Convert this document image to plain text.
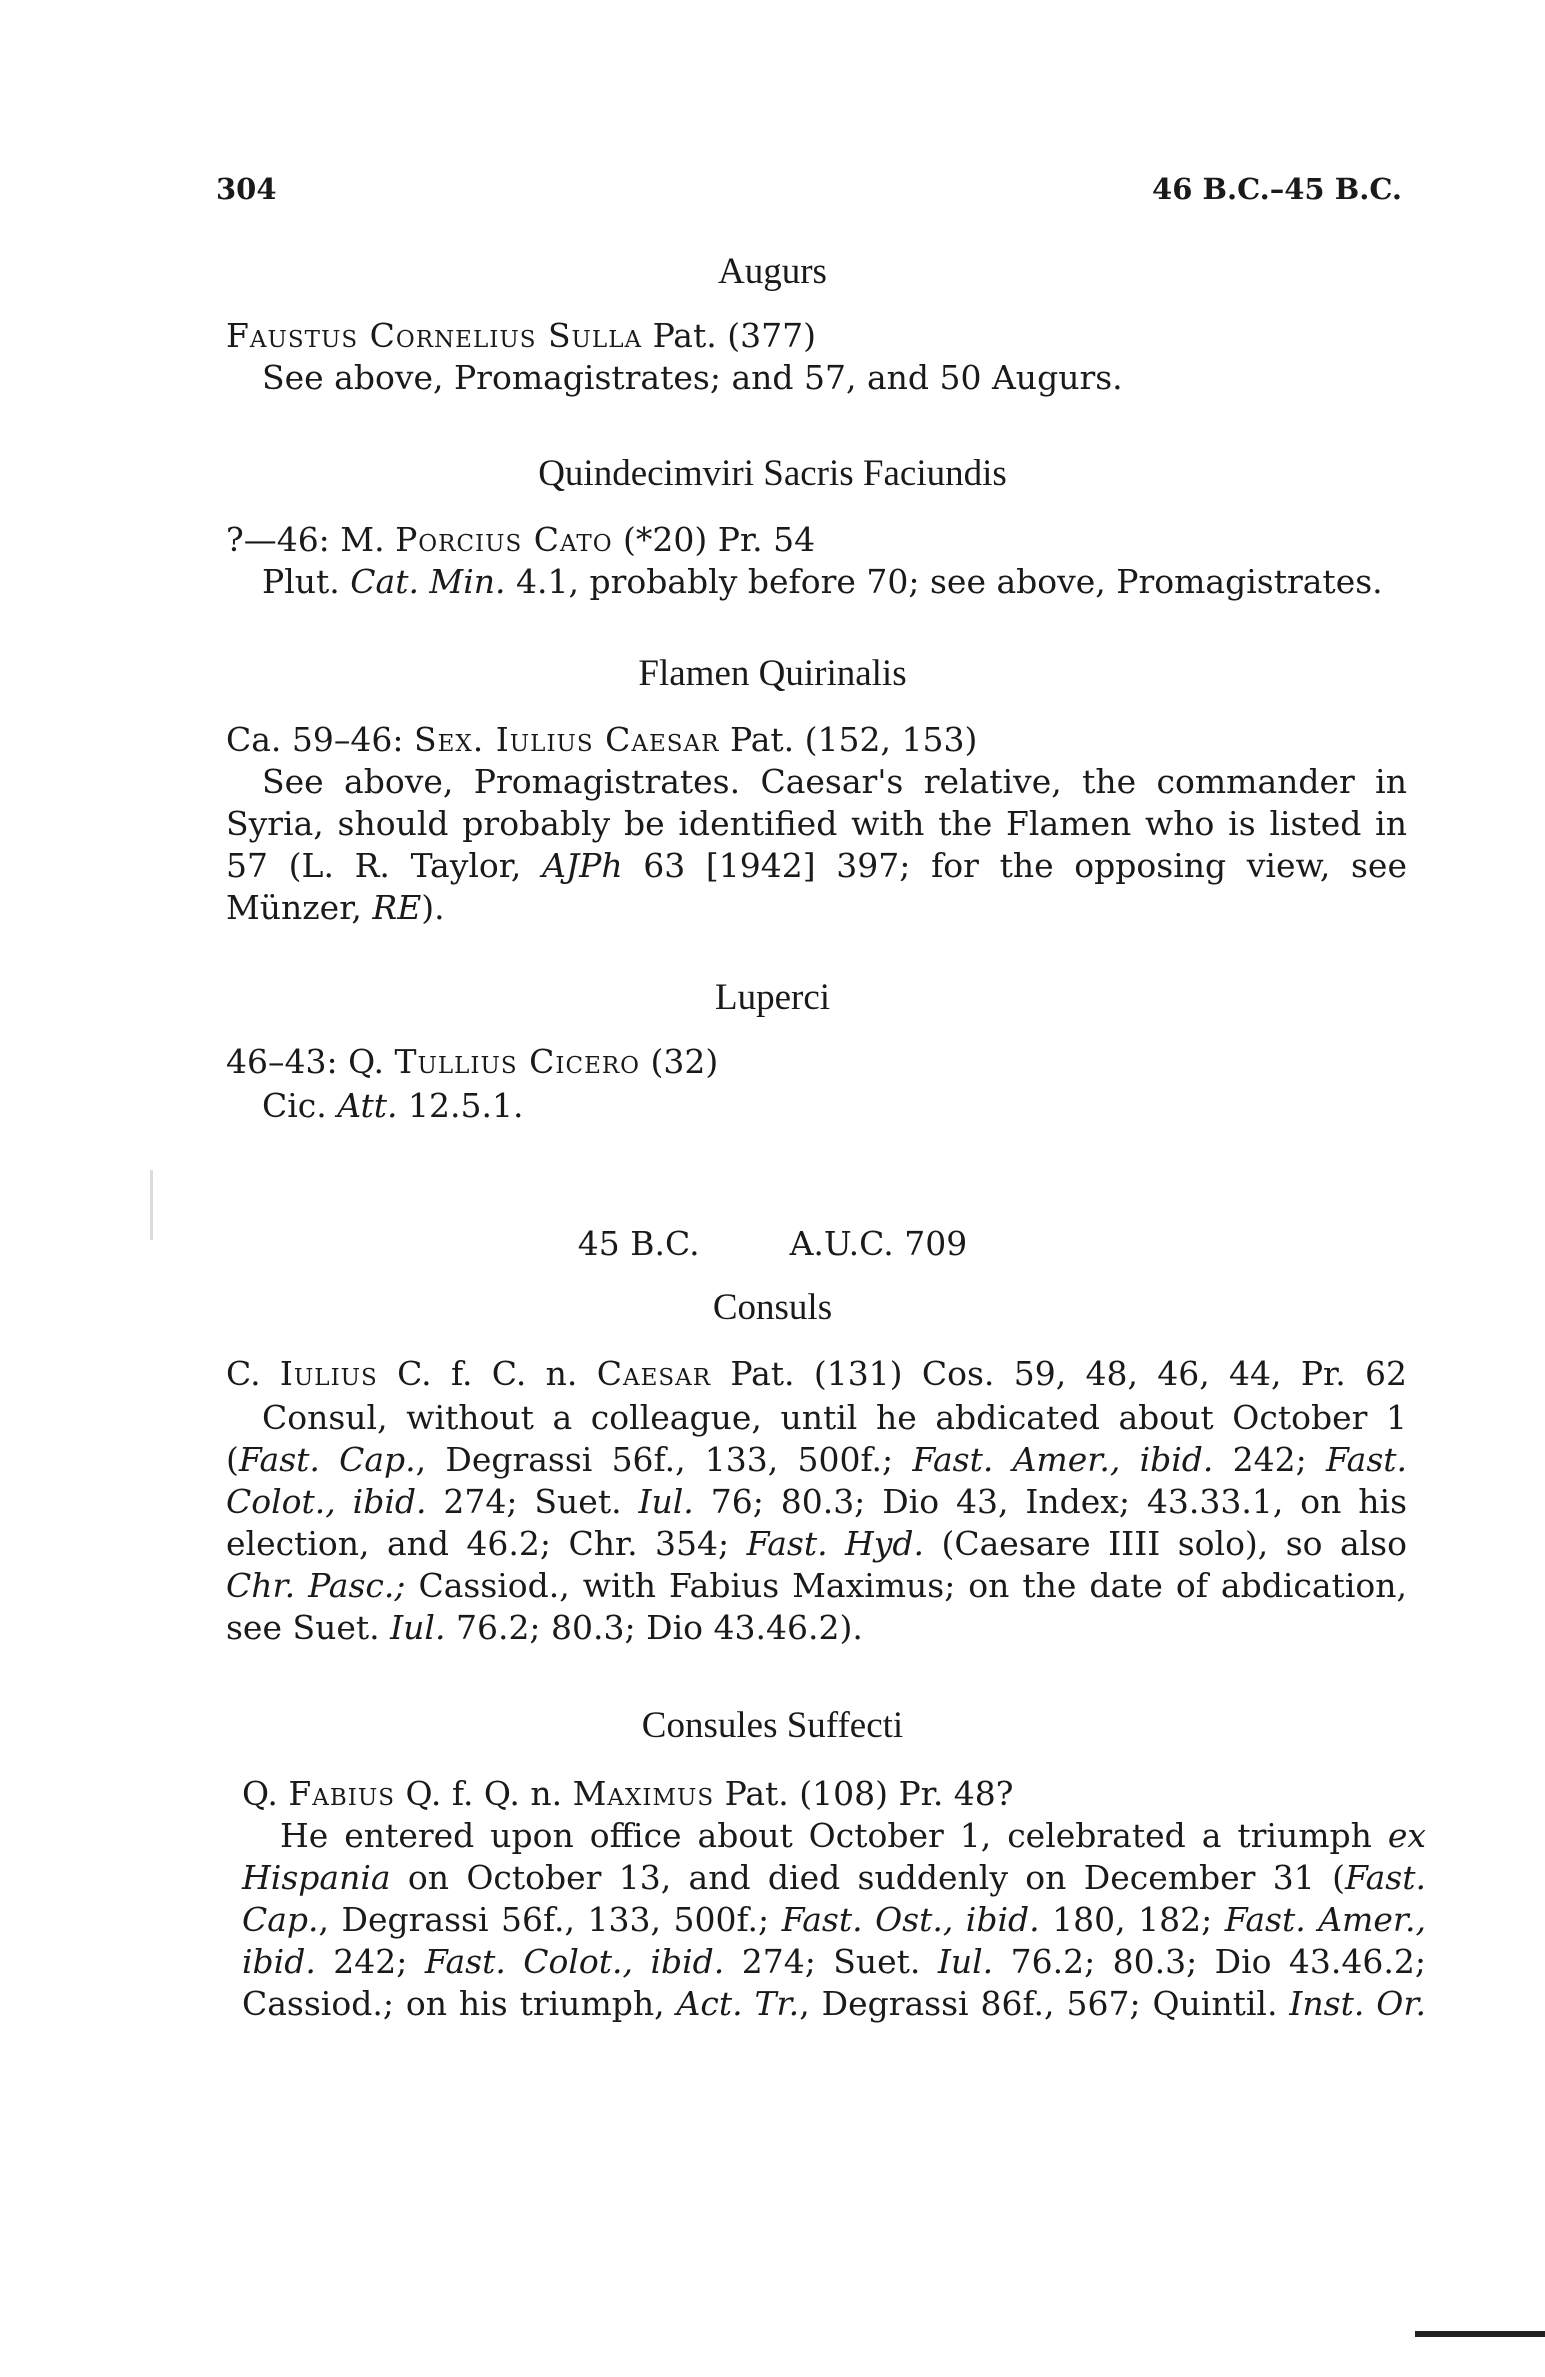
304	46 B.C.–45 B.C.
Augurs
Faustus Cornelius Sulla Pat. (377)
See above, Promagistrates; and 57, and 50 Augurs.
Quindecimviri Sacris Faciundis
?—46: M. Porcius Cato (*20) Pr. 54
Plut. Cat. Min. 4.1, probably before 70; see above, Promagistrates.
Flamen Quirinalis
Ca. 59–46: Sex. Iulius Caesar Pat. (152, 153)
See above, Promagistrates. Caesar's relative, the commander in
Syria, should probably be identified with the Flamen who is listed in
57 (L. R. Taylor, AJPh 63 [1942] 397; for the opposing view, see
Münzer, RE).
Luperci
46–43: Q. Tullius Cicero (32)
Cic. Att. 12.5.1.
45 B.C.	A.U.C. 709
Consuls
C. Iulius C. f. C. n. Caesar Pat. (131) Cos. 59, 48, 46, 44, Pr. 62
Consul, without a colleague, until he abdicated about October 1
(Fast. Cap., Degrassi 56f., 133, 500f.; Fast. Amer., ibid. 242; Fast.
Colot., ibid. 274; Suet. Iul. 76; 80.3; Dio 43, Index; 43.33.1, on his
election, and 46.2; Chr. 354; Fast. Hyd. (Caesare IIII solo), so also
Chr. Pasc.; Cassiod., with Fabius Maximus; on the date of abdication,
see Suet. Iul. 76.2; 80.3; Dio 43.46.2).
Consules Suffecti
Q. Fabius Q. f. Q. n. Maximus Pat. (108) Pr. 48?
He entered upon office about October 1, celebrated a triumph ex
Hispania on October 13, and died suddenly on December 31 (Fast.
Cap., Degrassi 56f., 133, 500f.; Fast. Ost., ibid. 180, 182; Fast. Amer.,
ibid. 242; Fast. Colot., ibid. 274; Suet. Iul. 76.2; 80.3; Dio 43.46.2;
Cassiod.; on his triumph, Act. Tr., Degrassi 86f., 567; Quintil. Inst. Or.
